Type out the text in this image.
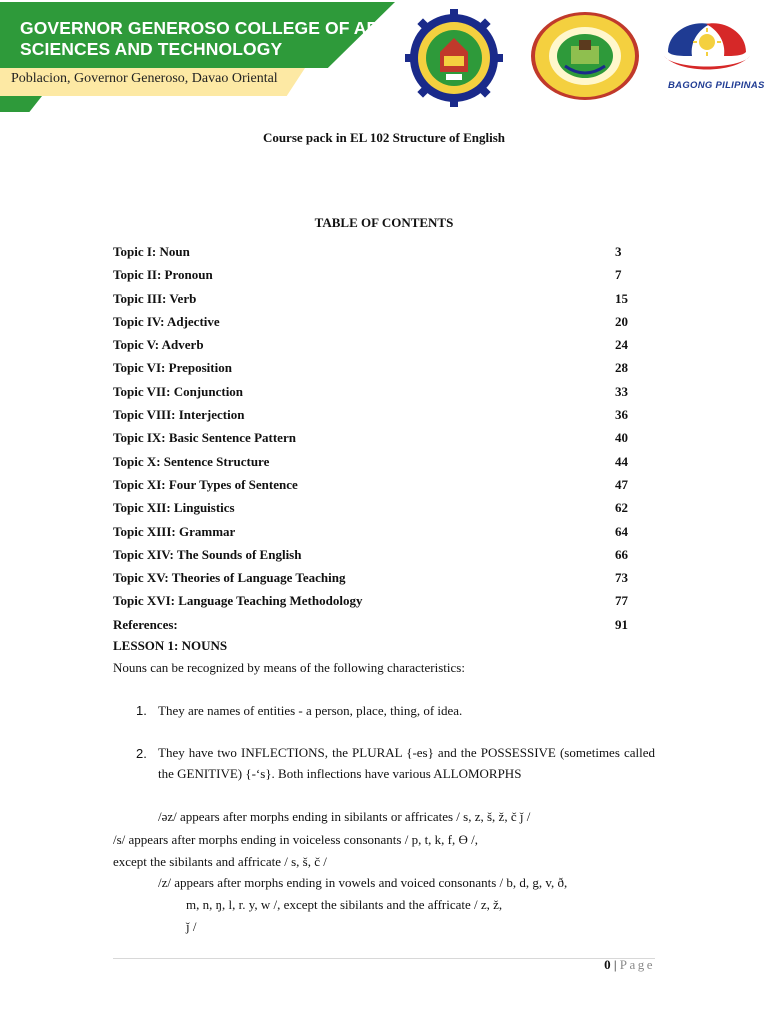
GOVERNOR GENEROSO COLLEGE OF ARTS,
SCIENCES AND TECHNOLOGY
Poblacion, Governor Generoso, Davao Oriental	BAGONG PILIPINAS
Course pack in EL 102 Structure of English
TABLE OF CONTENTS
Topic I: Noun	3
Topic II: Pronoun	7
Topic III: Verb	15
Topic IV: Adjective	20
Topic V: Adverb	24
Topic VI: Preposition	28
Topic VII: Conjunction	33
Topic VIII: Interjection	36
Topic IX: Basic Sentence Pattern	40
Topic X: Sentence Structure	44
Topic XI: Four Types of Sentence	47
Topic XII: Linguistics	62
Topic XIII: Grammar	64
Topic XIV: The Sounds of English	66
Topic XV: Theories of Language Teaching	73
Topic XVI: Language Teaching Methodology	77
References:	91
LESSON 1: NOUNS
Nouns can be recognized by means of the following characteristics:
1. They are names of entities - a person, place, thing, of idea.
2. They have two INFLECTIONS, the PLURAL {-es} and the POSSESSIVE (sometimes called the GENITIVE) {-‘s}. Both inflections have various ALLOMORPHS
/əz/ appears after morphs ending in sibilants or affricates / s, z, š, ž, č ǰ /
/s/ appears after morphs ending in voiceless consonants / p, t, k, f, Ɵ /,
except the sibilants and affricate / s, š, č /
/z/ appears after morphs ending in vowels and voiced consonants / b, d, g, v, ð,
m, n, ŋ, l, r. y, w /, except the sibilants and the affricate / z, ž,
ǰ /
0 | Page
